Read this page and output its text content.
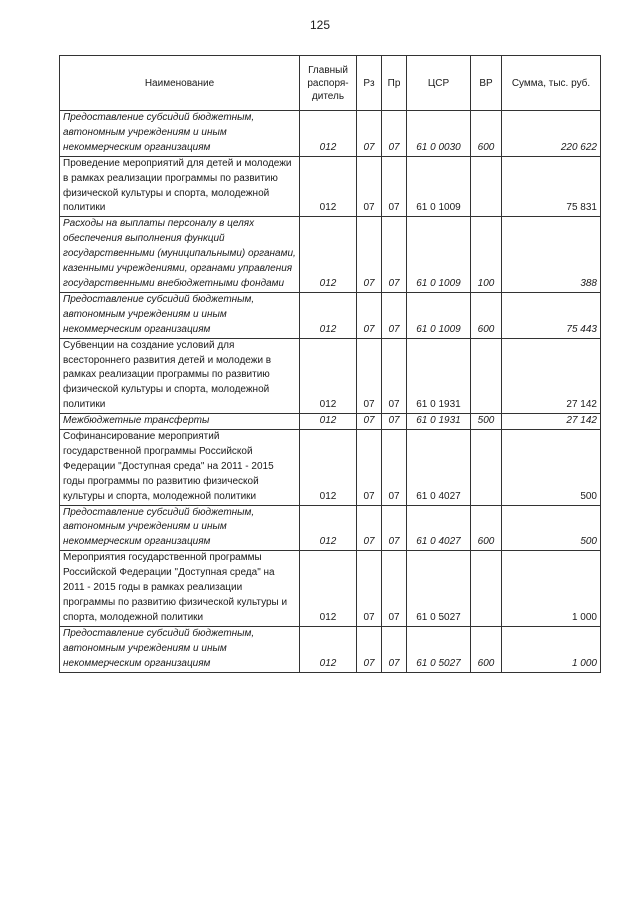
125
Наименование	Главный распоря-дитель	Рз	Пр	ЦСР	ВР	Сумма, тыс. руб.
Предоставление субсидий бюджетным, автономным учреждениям и иным некоммерческим организациям	012	07	07	61 0 0030	600	220 622
Проведение мероприятий для детей и молодежи в рамках реализации программы по развитию физической культуры и спорта, молодежной политики	012	07	07	61 0 1009		75 831
Расходы на выплаты персоналу в целях обеспечения выполнения функций государственными (муниципальными) органами, казенными учреждениями, органами управления государственными внебюджетными фондами	012	07	07	61 0 1009	100	388
Предоставление субсидий бюджетным, автономным учреждениям и иным некоммерческим организациям	012	07	07	61 0 1009	600	75 443
Субвенции на создание условий для всестороннего развития детей и молодежи в рамках реализации программы по развитию физической культуры и спорта, молодежной политики	012	07	07	61 0 1931		27 142
Межбюджетные трансферты	012	07	07	61 0 1931	500	27 142
Софинансирование мероприятий государственной программы Российской Федерации "Доступная среда" на 2011 - 2015 годы программы по развитию физической культуры и спорта, молодежной политики	012	07	07	61 0 4027		500
Предоставление субсидий бюджетным, автономным учреждениям и иным некоммерческим организациям	012	07	07	61 0 4027	600	500
Мероприятия государственной программы Российской Федерации "Доступная среда" на 2011 - 2015 годы в рамках реализации программы по развитию физической культуры и спорта, молодежной политики	012	07	07	61 0 5027		1 000
Предоставление субсидий бюджетным, автономным учреждениям и иным некоммерческим организациям	012	07	07	61 0 5027	600	1 000
